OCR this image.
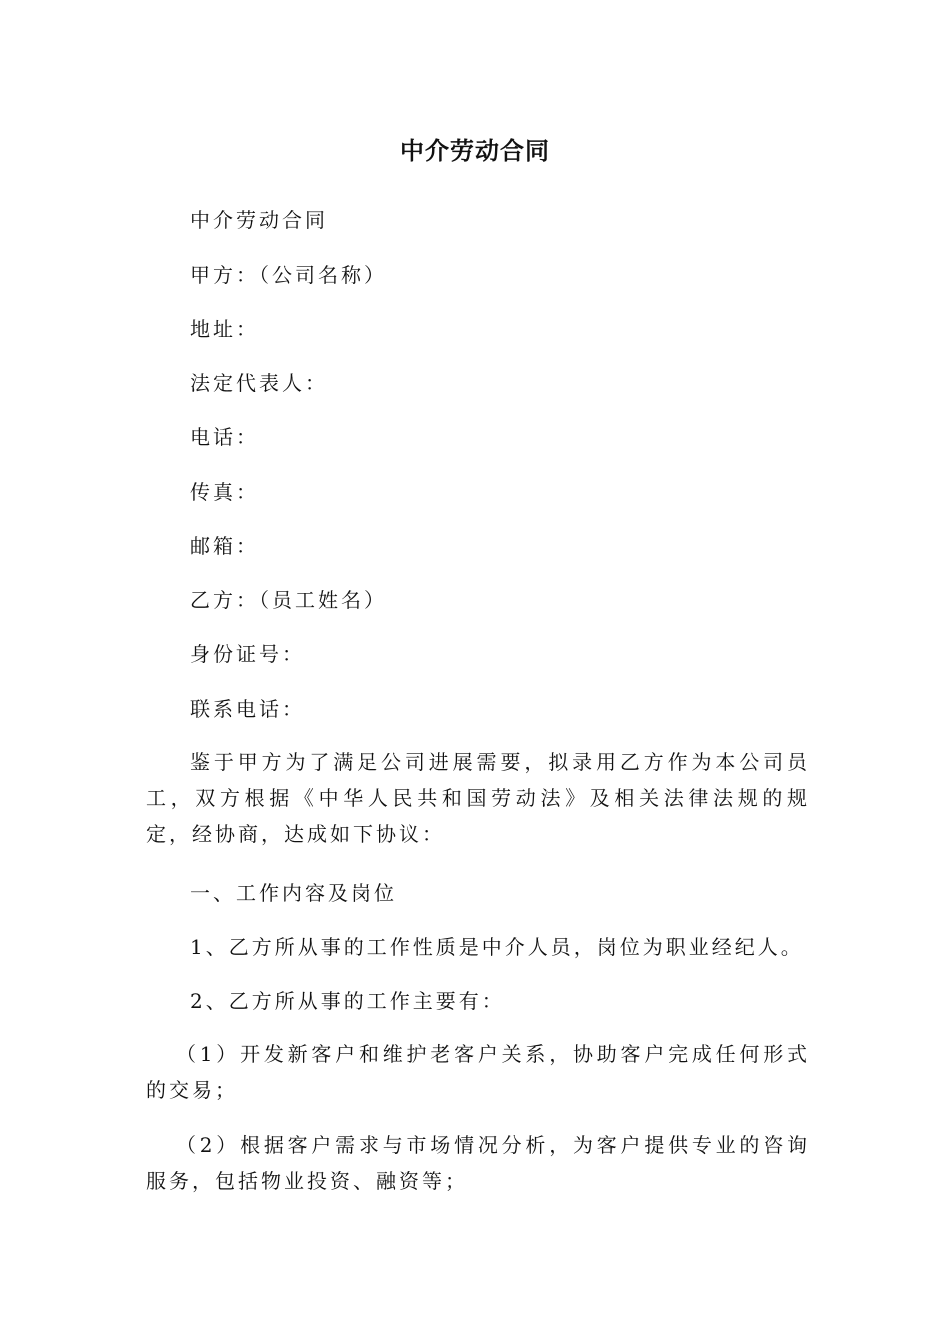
中介劳动合同
中介劳动合同
甲方：（公司名称）
地址：
法定代表人：
电话：
传真：
邮箱：
乙方：（员工姓名）
身份证号：
联系电话：
鉴于甲方为了满足公司进展需要，拟录用乙方作为本公司员工，双方根据《中华人民共和国劳动法》及相关法律法规的规定，经协商，达成如下协议：
一、工作内容及岗位
1、乙方所从事的工作性质是中介人员，岗位为职业经纪人。
2、乙方所从事的工作主要有：
（1）开发新客户和维护老客户关系，协助客户完成任何形式的交易；
（2）根据客户需求与市场情况分析，为客户提供专业的咨询服务，包括物业投资、融资等；
